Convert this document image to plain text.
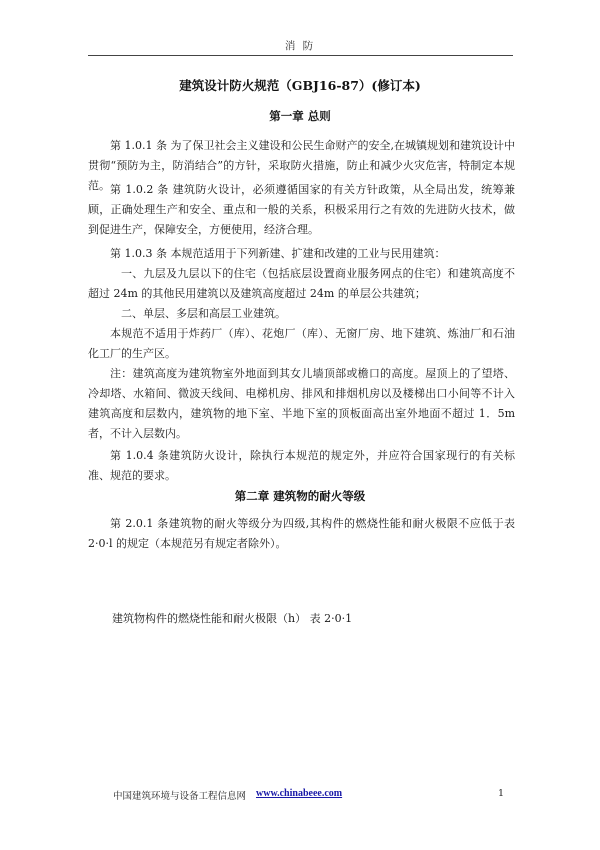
消 防
建筑设计防火规范（GBJ16-87）(修订本)
第一章 总则

第 1.0.1 条 为了保卫社会主义建设和公民生命财产的安全,在城镇规划和建筑设计中贯彻“预防为主，防消结合”的方针，采取防火措施，防止和减少火灾危害，特制定本规范。 第 1.0.2 条 建筑防火设计，必须遵循国家的有关方针政策，从全局出发，统筹兼顾，正确处理生产和安全、重点和一般的关系，积极采用行之有效的先进防火技术，做到促进生产，保障安全，方便使用，经济合理。

第 1.0.3 条 本规范适用于下列新建、扩建和改建的工业与民用建筑：

一、九层及九层以下的住宅（包括底层设置商业服务网点的住宅）和建筑高度不超过 24m 的其他民用建筑以及建筑高度超过 24m 的单层公共建筑；

二、单层、多层和高层工业建筑。

本规范不适用于炸药厂（库）、花炮厂（库）、无窗厂房、地下建筑、炼油厂和石油化工厂的生产区。

注：建筑高度为建筑物室外地面到其女儿墙顶部或檐口的高度。屋顶上的了望塔、冷却塔、水箱间、微波天线间、电梯机房、排风和排烟机房以及楼梯出口小间等不计入建筑高度和层数内，建筑物的地下室、半地下室的顶板面高出室外地面不超过 1．5m 者，不计入层数内。

第 1.0.4 条建筑防火设计，除执行本规范的规定外，并应符合国家现行的有关标准、规范的要求。

第二章 建筑物的耐火等级

第 2.0.1 条建筑物的耐火等级分为四级,其构件的燃烧性能和耐火极限不应低于表 2·0·l 的规定（本规范另有规定者除外）。

建筑物构件的燃烧性能和耐火极限（h） 表 2·0·1
中国建筑环境与设备工程信息网 www.chinabeee.com	1
